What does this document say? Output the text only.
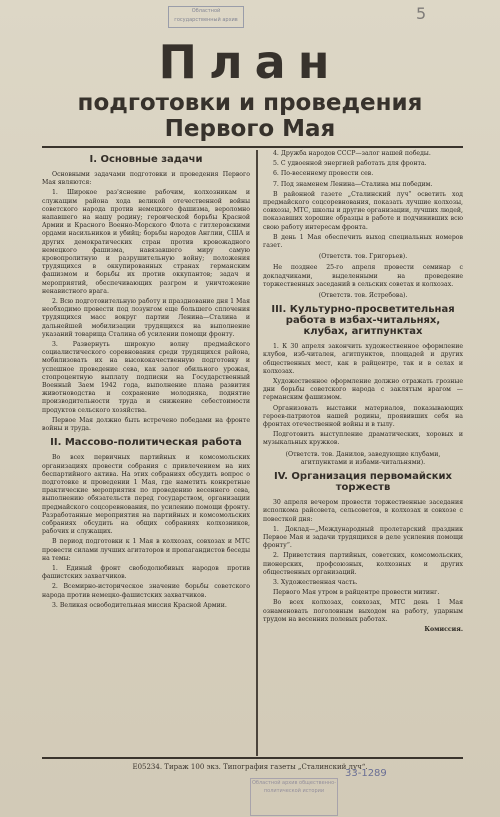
Областной государственный архив	5
План
подготовки и проведения
Первого Мая
I. Основные задачи

Основными задачами подготовки и проведения Первого Мая являются:

1. Широкое раз'яснение рабочим, колхозникам и служащим района хода великой отечественной войны советского народа против немецкого фашизма, вероломно напавшего на нашу родину; героической борьбы Красной Армии и Красного Военно-Морского Флота с гитлеровскими ордами насильников и убийц; борьбы народов Англии, США и других демократических стран против кровожадного немецкого фашизма, навязавшего миру самую кровопролитную и разрушительную войну; положения трудящихся в оккупированных странах германским фашизмом и борьбы их против оккупантов; задач и мероприятий, обеспечивающих разгром и уничтожение ненавистного врага.

2. Всю подготовительную работу и празднование дня 1 Мая необходимо провести под лозунгом еще большего сплочения трудящихся масс вокруг партии Ленина—Сталина и дальнейшей мобилизации трудящихся на выполнение указаний товарища Сталина об усилении помощи фронту.

3. Развернуть широкую волну предмайского социалистического соревнования среди трудящихся района, мобилизовать их на высококачественную подготовку и успешное проведение сева, как залог обильного урожая, стопроцентную выплату подписки на Государственный Военный Заем 1942 года, выполнение плана развития животноводства и сохранение молодняка, поднятие производительности труда и снижение себестоимости продуктов сельского хозяйства.

Первое Мая должно быть встречено победами на фронте войны и труда.

II. Массово-политическая работа

Во всех первичных партийных и комсомольских организациях провести собрания с привлечением на них беспартийного актива. На этих собраниях обсудить вопрос о подготовке и проведении 1 Мая, где наметить конкретные практические мероприятия по проведению весеннего сева, выполнению обязательств перед государством, организации предмайского соцсоревнования, по усилению помощи фронту. Разработанные мероприятия на партийных и комсомольских собраниях обсудить на общих собраниях колхозников, рабочих и служащих.

В период подготовки к 1 Мая в колхозах, совхозах и МТС провести силами лучших агитаторов и пропагандистов беседы на темы:

1. Единый фронт свободолюбивых народов против фашистских захватчиков.

2. Всемирно-историческое значение борьбы советского народа против немецко-фашистских захватчиков.

3. Великая освободительная миссия Красной Армии.

4. Дружба народов СССР—залог нашей победы.

5. С удвоенной энергией работать для фронта.

6. По-весеннему провести сев.

7. Под знаменем Ленина—Сталина мы победим.

В районной газете „Сталинский луч“ осветить ход предмайского соцсоревнования, показать лучшие колхозы, совхозы, МТС, школы и другие организации, лучших людей, показавших хорошие образцы в работе и подчинивших всю свою работу интересам фронта.

В день 1 Мая обеспечить выход специальных номеров газет.

(Ответств. тов. Григорьев).

Не позднее 25-го апреля провести семинар с докладчиками, выделенными на проведение торжественных заседаний в сельских советах и колхозах.

(Ответств. тов. Ястребова).

III. Культурно-просветительная работа в избах-читальнях, клубах, агитпунктах

1. К 30 апреля закончить художественное оформление клубов, изб-читален, агитпунктов, площадей и других общественных мест, как в райцентре, так и в селах и колхозах.

Художественное оформление должно отражать грозные дни борьбы советского народа с заклятым врагом — германским фашизмом.

Организовать выставки материалов, показывающих героев-патриотов нашей родины, проявивших себя на фронтах отечественной войны и в тылу.

Подготовить выступление драматических, хоровых и музыкальных кружков.

(Ответств. тов. Данилов, заведующие клубами, агитпунктами и избами-читальнями).

IV. Организация первомайских торжеств

30 апреля вечером провести торжественные заседания исполкома райсовета, сельсоветов, в колхозах и совхозе с повесткой дня:

1. Доклад—„Международный пролетарский праздник Первое Мая и задачи трудящихся в деле усиления помощи фронту“.

2. Приветствия партийных, советских, комсомольских, пионерских, профсоюзных, колхозных и других общественных организаций.

3. Художественная часть.

Первого Мая утром в райцентре провести митинг.

Во всех колхозах, совхозах, МТС день 1 Мая ознаменовать поголовным выходом на работу, ударным трудом на весенних полевых работах.

Комиссия.

Е05234. Тираж 100 экз. Типография газеты „Сталинский луч“.
Областной архив общественно-политической истории
33-1289
